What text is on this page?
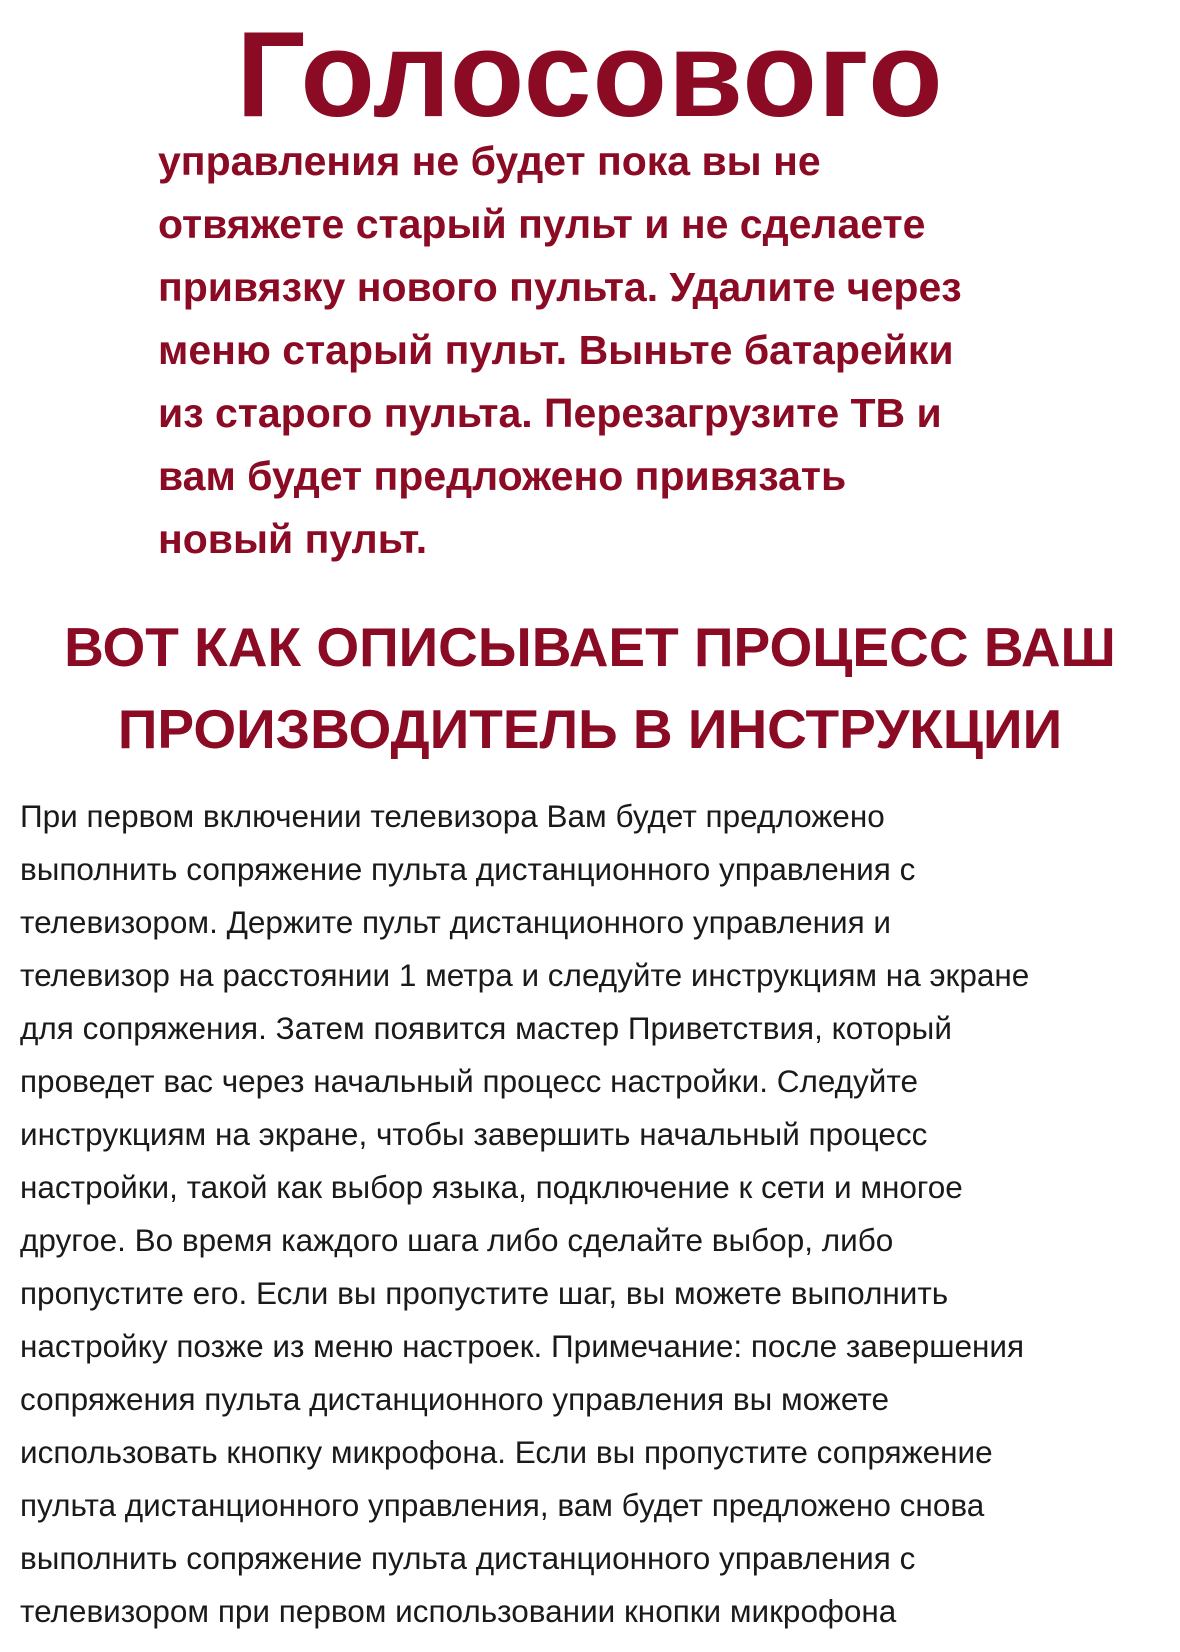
Голосового
управления не будет пока вы не
отвяжете старый пульт и не сделаете
привязку нового пульта. Удалите через
меню старый пульт. Выньте батарейки
из старого пульта. Перезагрузите ТВ и
вам будет предложено привязать
новый пульт.
ВОТ КАК ОПИСЫВАЕТ ПРОЦЕСС ВАШ
ПРОИЗВОДИТЕЛЬ В ИНСТРУКЦИИ
При первом включении телевизора Вам будет предложено
выполнить сопряжение пульта дистанционного управления с
телевизором. Держите пульт дистанционного управления и
телевизор на расстоянии 1 метра и следуйте инструкциям на экране
для сопряжения. Затем появится мастер Приветствия, который
проведет вас через начальный процесс настройки. Следуйте
инструкциям на экране, чтобы завершить начальный процесс
настройки, такой как выбор языка, подключение к сети и многое
другое. Во время каждого шага либо сделайте выбор, либо
пропустите его. Если вы пропустите шаг, вы можете выполнить
настройку позже из меню настроек. Примечание: после завершения
сопряжения пульта дистанционного управления вы можете
использовать кнопку микрофона. Если вы пропустите сопряжение
пульта дистанционного управления, вам будет предложено снова
выполнить сопряжение пульта дистанционного управления с
телевизором при первом использовании кнопки микрофона
